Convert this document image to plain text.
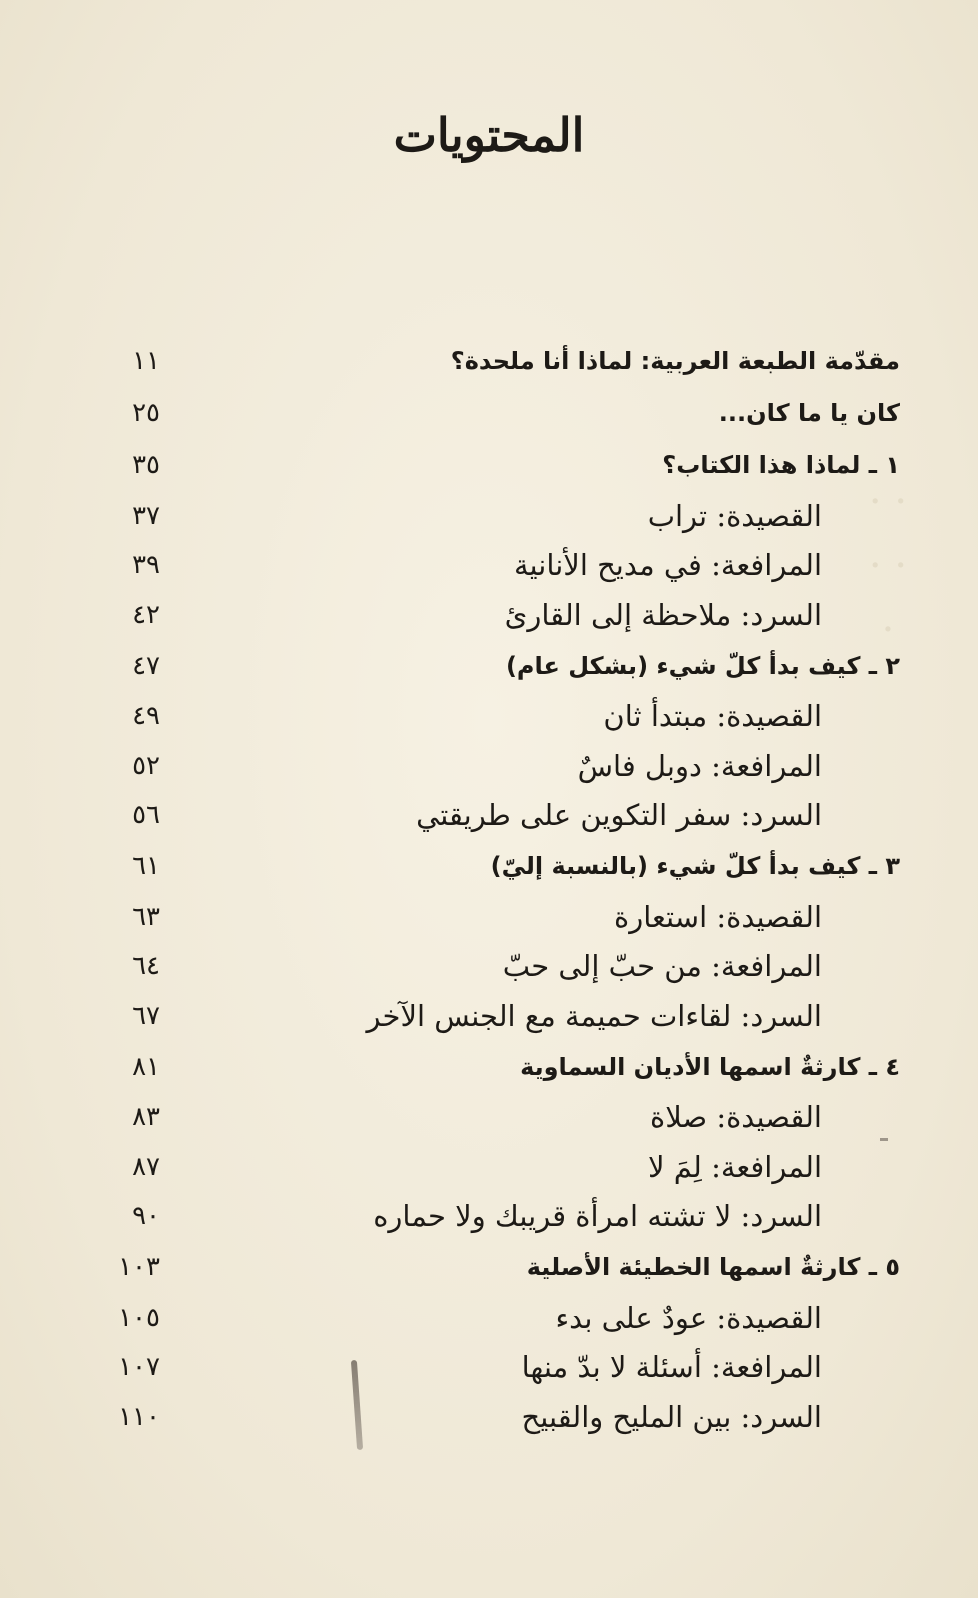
· · · · ·
المحتويات
مقدّمة الطبعة العربية: لماذا أنا ملحدة؟
١١
كان يا ما كان...
٢٥
١ ـ لماذا هذا الكتاب؟
٣٥
القصيدة: تراب
٣٧
المرافعة: في مديح الأنانية
٣٩
السرد: ملاحظة إلى القارئ
٤٢
٢ ـ كيف بدأ كلّ شيء (بشكل عام)
٤٧
القصيدة: مبتدأ ثان
٤٩
المرافعة: دوبل فاسٌ
٥٢
السرد: سفر التكوين على طريقتي
٥٦
٣ ـ كيف بدأ كلّ شيء (بالنسبة إليّ)
٦١
القصيدة: استعارة
٦٣
المرافعة: من حبّ إلى حبّ
٦٤
السرد: لقاءات حميمة مع الجنس الآخر
٦٧
٤ ـ كارثةٌ اسمها الأديان السماوية
٨١
القصيدة: صلاة
٨٣
المرافعة: لِمَ لا
٨٧
السرد: لا تشته امرأة قريبك ولا حماره
٩٠
٥ ـ كارثةٌ اسمها الخطيئة الأصلية
١٠٣
القصيدة: عودٌ على بدء
١٠٥
المرافعة: أسئلة لا بدّ منها
١٠٧
السرد: بين المليح والقبيح
١١٠
